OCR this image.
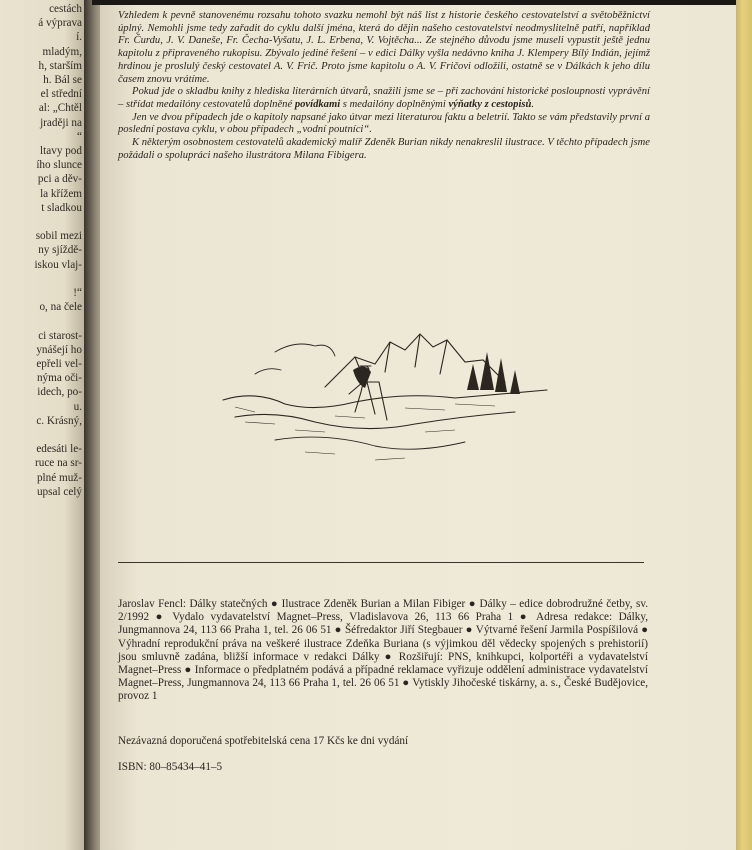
cestách
á výprava
í.
mladým,
h, starším
h. Bál se
el střední
al: „Chtěl
jraději na
“
ltavy pod
ího slunce
pci a děv-
la křížem
t sladkou
sobil mezi
ny sjíždě-
iskou vlaj-
!“
o, na čele
ci starost-
ynášejí ho
epřeli vel-
nýma oči-
idech, po-
u.
c. Krásný,
edesáti le-
ruce na sr-
plné muž-
upsal celý

Vzhledem k pevně stanovenému rozsahu tohoto svazku nemohl být náš list z historie českého cestovatelství a světoběžnictví úplný. Nemohli jsme tedy zařadit do cyklu další jména, která do dějin našeho cestovatelství neodmyslitelně patří, například Fr. Čurdu, J. V. Daneše, Fr. Čecha-Vyšatu, J. L. Erbena, V. Vojtěcha... Ze stejného důvodu jsme museli vypustit ještě jednu kapitolu z připraveného rukopisu. Zbývalo jediné řešení – v edici Dálky vyšla nedávno kniha J. Klempery Bílý Indián, jejímž hrdinou je proslulý český cestovatel A. V. Frič. Proto jsme kapitolu o A. V. Fričovi odložili, ostatně se v Dálkách k jeho dílu časem znovu vrátíme.

Pokud jde o skladbu knihy z hlediska literárních útvarů, snažili jsme se – při zachování historické posloupnosti vyprávění – střídat medailóny cestovatelů doplněné povídkami s medailóny doplněnými výňatky z cestopisů.

Jen ve dvou případech jde o kapitoly napsané jako útvar mezi literaturou faktu a beletrií. Takto se vám představily první a poslední postava cyklu, v obou případech „vodní poutníci“.

K některým osobnostem cestovatelů akademický malíř Zdeněk Burian nikdy nenakreslil ilustrace. V těchto případech jsme požádali o spolupráci našeho ilustrátora Milana Fibigera.

Jaroslav Fencl: Dálky statečných ● Ilustrace Zdeněk Burian a Milan Fibiger ● Dálky – edice dobrodružné četby, sv. 2/1992 ● Vydalo vydavatelství Magnet–Press, Vladislavova 26, 113 66 Praha 1 ● Adresa redakce: Dálky, Jungmannova 24, 113 66 Praha 1, tel. 26 06 51 ● Šéfredaktor Jiří Stegbauer ● Výtvarné řešení Jarmila Pospíšilová ● Výhradní reprodukční práva na veškeré ilustrace Zdeňka Buriana (s výjimkou děl vědecky spojených s prehistorií) jsou smluvně zadána, bližší informace v redakci Dálky ● Rozšiřují: PNS, knihkupci, kolportéři a vydavatelství Magnet–Press ● Informace o předplatném podává a případné reklamace vyřizuje oddělení administrace vydavatelství Magnet–Press, Jungmannova 24, 113 66 Praha 1, tel. 26 06 51 ● Vytiskly Jihočeské tiskárny, a. s., České Budějovice, provoz 1
Nezávazná doporučená spotřebitelská cena 17 Kčs ke dni vydání
ISBN: 80–85434–41–5
